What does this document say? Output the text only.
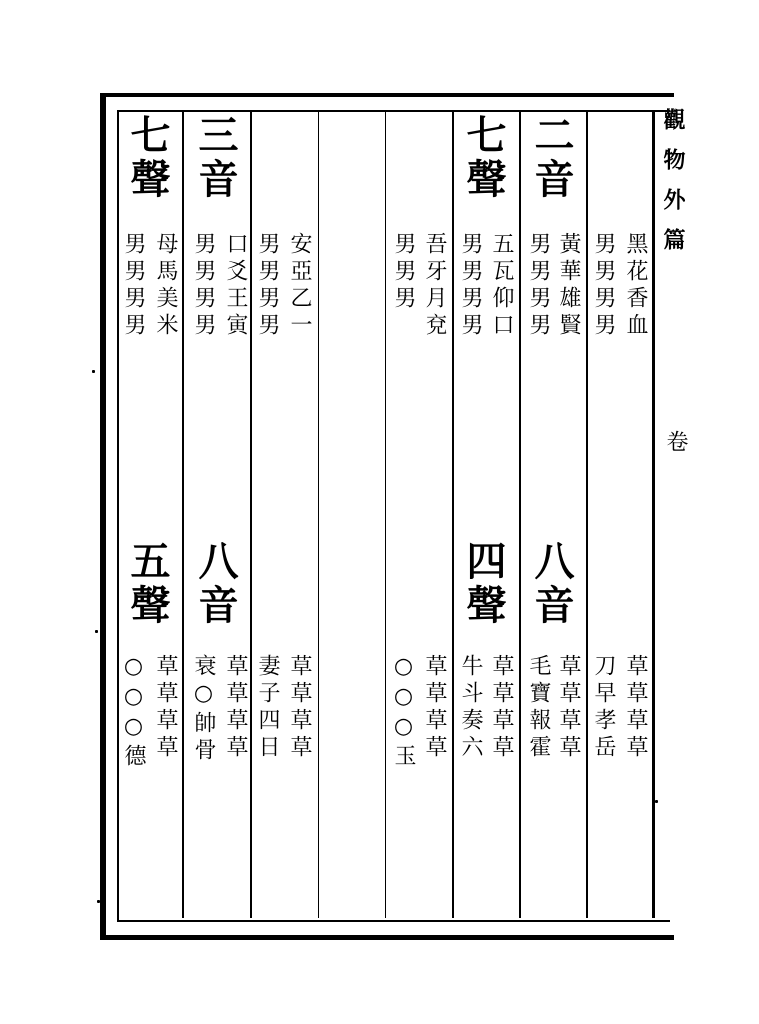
觀物外篇
卷
黑花香血
男男男男
草草草草
刀早孝岳
二音
八音
黃華雄賢
男男男男
草草草草
毛寶報霍
七聲
四聲
五瓦仰口
男男男男
草草草草
牛斗奏六
吾牙月兗
男男男
草草草草
○○○玉
安亞乙一
男男男男
草草草草
妻子四日
三音
八音
口爻王寅
男男男男
草草草草
衰○帥骨
七聲
五聲
母馬美米
男男男男
草草草草
○○○德
